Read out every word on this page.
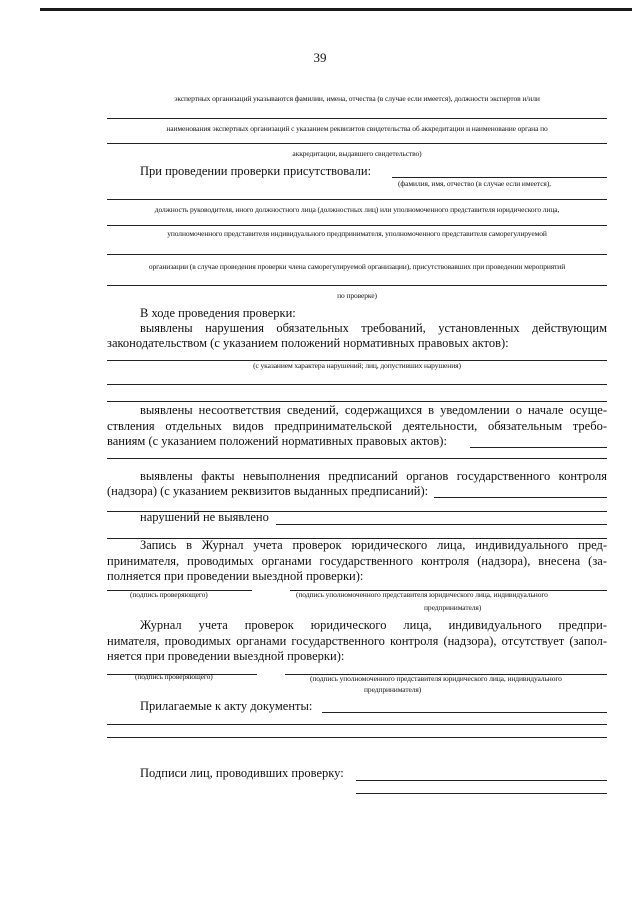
39
экспертных организаций указываются фамилии, имена, отчества (в случае если имеется), должности экспертов и/или
наименования экспертных организаций с указанием реквизитов свидетельства об аккредитации и наименование органа по
аккредитации, выдавшего свидетельство)
При проведении проверки присутствовали:
(фамилия, имя, отчество (в случае если имеется),
должность руководителя, иного должностного лица (должностных лиц) или уполномоченного представителя юридического лица,
уполномоченного представителя индивидуального предпринимателя, уполномоченного представителя саморегулируемой
организации (в случае проведения проверки члена саморегулируемой организации), присутствовавших при проведении мероприятий
по проверке)
В ходе проведения проверки:
выявлены нарушения обязательных требований, установленных действующим
законодательством (с указанием положений нормативных правовых актов):
(с указанием характера нарушений; лиц, допустивших нарушения)
выявлены несоответствия сведений, содержащихся в уведомлении о начале осуще-
ствления отдельных видов предпринимательской деятельности, обязательным требо-
ваниям (с указанием положений нормативных правовых актов):
выявлены факты невыполнения предписаний органов государственного контроля
(надзора) (с указанием реквизитов выданных предписаний):
нарушений не выявлено
Запись в Журнал учета проверок юридического лица, индивидуального пред-
принимателя, проводимых органами государственного контроля (надзора), внесена (за-
полняется при проведении выездной проверки):
(подпись проверяющего)	(подпись уполномоченного представителя юридического лица, индивидуального
предпринимателя)
Журнал учета проверок юридического лица, индивидуального предпри-
нимателя, проводимых органами государственного контроля (надзора), отсутствует (запол-
няется при проведении выездной проверки):
(подпись проверяющего)	(подпись уполномоченного представителя юридического лица, индивидуального
предпринимателя)
Прилагаемые к акту документы:
Подписи лиц, проводивших проверку:
